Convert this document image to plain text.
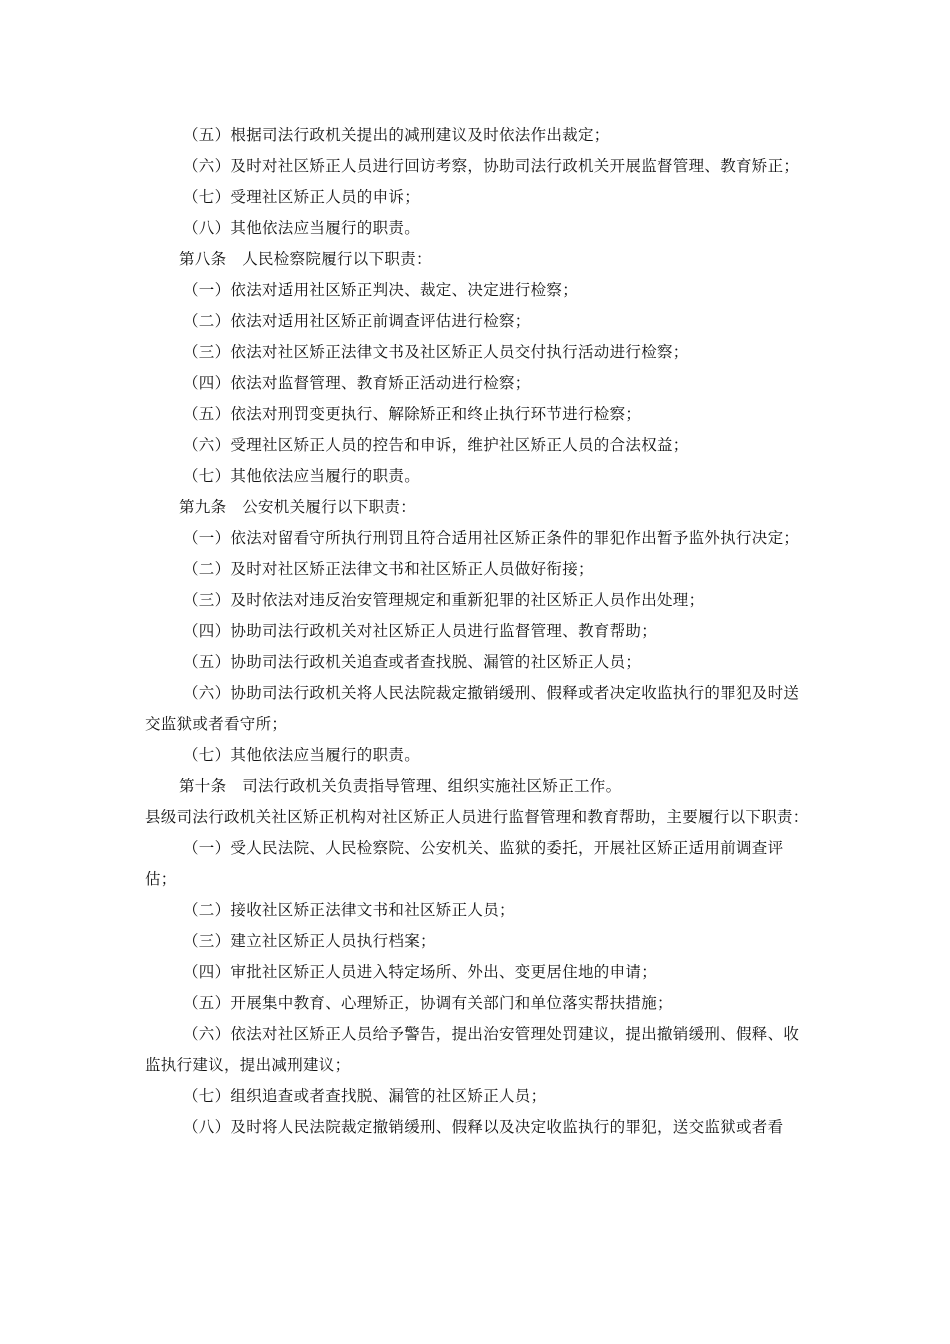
（五）根据司法行政机关提出的减刑建议及时依法作出裁定；

（六）及时对社区矫正人员进行回访考察，协助司法行政机关开展监督管理、教育矫正；

（七）受理社区矫正人员的申诉；

（八）其他依法应当履行的职责。

第八条　人民检察院履行以下职责：

（一）依法对适用社区矫正判决、裁定、决定进行检察；

（二）依法对适用社区矫正前调查评估进行检察；

（三）依法对社区矫正法律文书及社区矫正人员交付执行活动进行检察；

（四）依法对监督管理、教育矫正活动进行检察；

（五）依法对刑罚变更执行、解除矫正和终止执行环节进行检察；

（六）受理社区矫正人员的控告和申诉，维护社区矫正人员的合法权益；

（七）其他依法应当履行的职责。

第九条　公安机关履行以下职责：

（一）依法对留看守所执行刑罚且符合适用社区矫正条件的罪犯作出暂予监外执行决定；

（二）及时对社区矫正法律文书和社区矫正人员做好衔接；

（三）及时依法对违反治安管理规定和重新犯罪的社区矫正人员作出处理；

（四）协助司法行政机关对社区矫正人员进行监督管理、教育帮助；

（五）协助司法行政机关追查或者查找脱、漏管的社区矫正人员；

（六）协助司法行政机关将人民法院裁定撤销缓刑、假释或者决定收监执行的罪犯及时送交监狱或者看守所；

（七）其他依法应当履行的职责。

第十条　司法行政机关负责指导管理、组织实施社区矫正工作。

县级司法行政机关社区矫正机构对社区矫正人员进行监督管理和教育帮助，主要履行以下职责：

（一）受人民法院、人民检察院、公安机关、监狱的委托，开展社区矫正适用前调查评估；

（二）接收社区矫正法律文书和社区矫正人员；

（三）建立社区矫正人员执行档案；

（四）审批社区矫正人员进入特定场所、外出、变更居住地的申请；

（五）开展集中教育、心理矫正，协调有关部门和单位落实帮扶措施；

（六）依法对社区矫正人员给予警告，提出治安管理处罚建议，提出撤销缓刑、假释、收监执行建议，提出减刑建议；

（七）组织追查或者查找脱、漏管的社区矫正人员；

（八）及时将人民法院裁定撤销缓刑、假释以及决定收监执行的罪犯，送交监狱或者看
